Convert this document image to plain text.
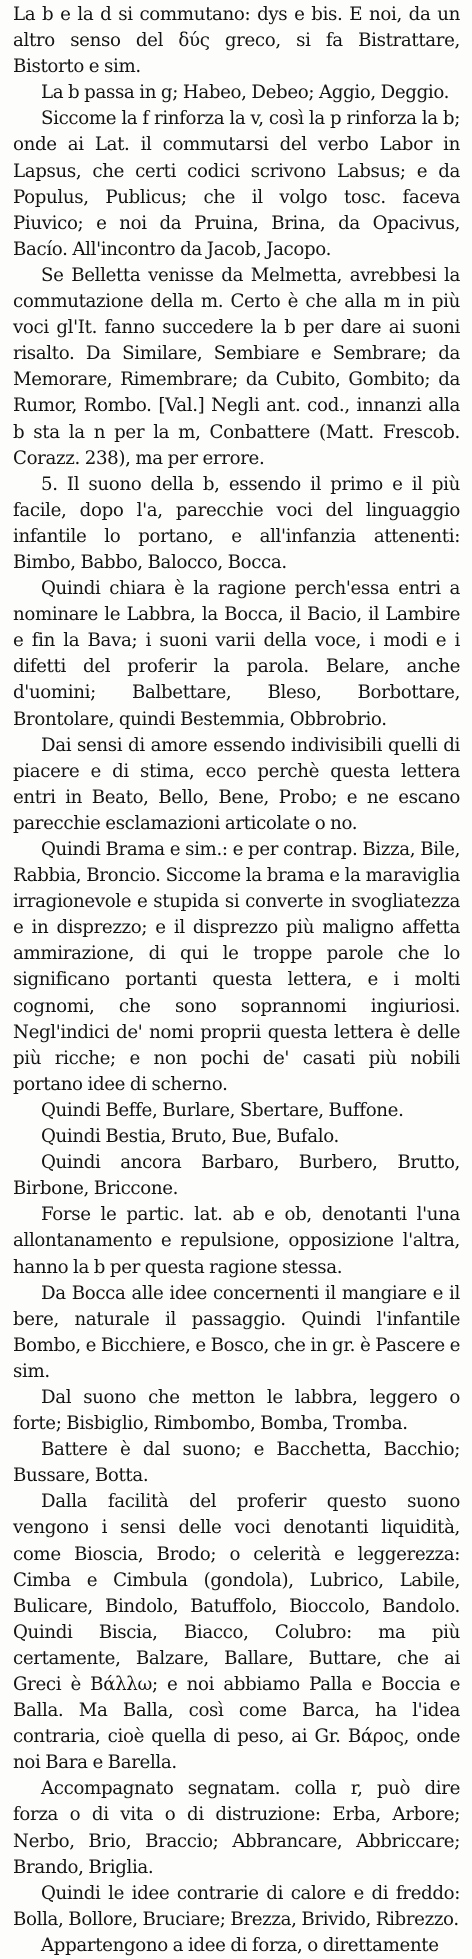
La b e la d si commutano: dys e bis. E noi, da un altro senso del δύς greco, si fa Bistrattare, Bistorto e sim.

La b passa in g; Habeo, Debeo; Aggio, Deggio.

Siccome la f rinforza la v, così la p rinforza la b; onde ai Lat. il commutarsi del verbo Labor in Lapsus, che certi codici scrivono Labsus; e da Populus, Publicus; che il volgo tosc. faceva Piuvico; e noi da Pruina, Brina, da Opacivus, Bacío. All'incontro da Jacob, Jacopo.

Se Belletta venisse da Melmetta, avrebbesi la commutazione della m. Certo è che alla m in più voci gl'It. fanno succedere la b per dare ai suoni risalto. Da Similare, Sembiare e Sembrare; da Memorare, Rimembrare; da Cubito, Gombito; da Rumor, Rombo. [Val.] Negli ant. cod., innanzi alla b sta la n per la m, Conbattere (Matt. Frescob. Corazz. 238), ma per errore.

5. Il suono della b, essendo il primo e il più facile, dopo l'a, parecchie voci del linguaggio infantile lo portano, e all'infanzia attenenti: Bimbo, Babbo, Balocco, Bocca.

Quindi chiara è la ragione perch'essa entri a nominare le Labbra, la Bocca, il Bacio, il Lambire e fin la Bava; i suoni varii della voce, i modi e i difetti del proferir la parola. Belare, anche d'uomini; Balbettare, Bleso, Borbottare, Brontolare, quindi Bestemmia, Obbrobrio.

Dai sensi di amore essendo indivisibili quelli di piacere e di stima, ecco perchè questa lettera entri in Beato, Bello, Bene, Probo; e ne escano parecchie esclamazioni articolate o no.

Quindi Brama e sim.: e per contrap. Bizza, Bile, Rabbia, Broncio. Siccome la brama e la maraviglia irragionevole e stupida si converte in svogliatezza e in disprezzo; e il disprezzo più maligno affetta ammirazione, di qui le troppe parole che lo significano portanti questa lettera, e i molti cognomi, che sono soprannomi ingiuriosi. Negl'indici de' nomi proprii questa lettera è delle più ricche; e non pochi de' casati più nobili portano idee di scherno.

Quindi Beffe, Burlare, Sbertare, Buffone.

Quindi Bestia, Bruto, Bue, Bufalo.

Quindi ancora Barbaro, Burbero, Brutto, Birbone, Briccone.

Forse le partic. lat. ab e ob, denotanti l'una allontanamento e repulsione, opposizione l'altra, hanno la b per questa ragione stessa.

Da Bocca alle idee concernenti il mangiare e il bere, naturale il passaggio. Quindi l'infantile Bombo, e Bicchiere, e Bosco, che in gr. è Pascere e sim.

Dal suono che metton le labbra, leggero o forte; Bisbiglio, Rimbombo, Bomba, Tromba.

Battere è dal suono; e Bacchetta, Bacchio; Bussare, Botta.

Dalla facilità del proferir questo suono vengono i sensi delle voci denotanti liquidità, come Bioscia, Brodo; o celerità e leggerezza: Cimba e Cimbula (gondola), Lubrico, Labile, Bulicare, Bindolo, Batuffolo, Bioccolo, Bandolo. Quindi Biscia, Biacco, Colubro: ma più certamente, Balzare, Ballare, Buttare, che ai Greci è Βάλλω; e noi abbiamo Palla e Boccia e Balla. Ma Balla, così come Barca, ha l'idea contraria, cioè quella di peso, ai Gr. Βάρος, onde noi Bara e Barella.

Accompagnato segnatam. colla r, può dire forza o di vita o di distruzione: Erba, Arbore; Nerbo, Brio, Braccio; Abbrancare, Abbriccare; Brando, Briglia.

Quindi le idee contrarie di calore e di freddo: Bolla, Bollore, Bruciare; Brezza, Brivido, Ribrezzo.

Appartengono a idee di forza, o direttamente
